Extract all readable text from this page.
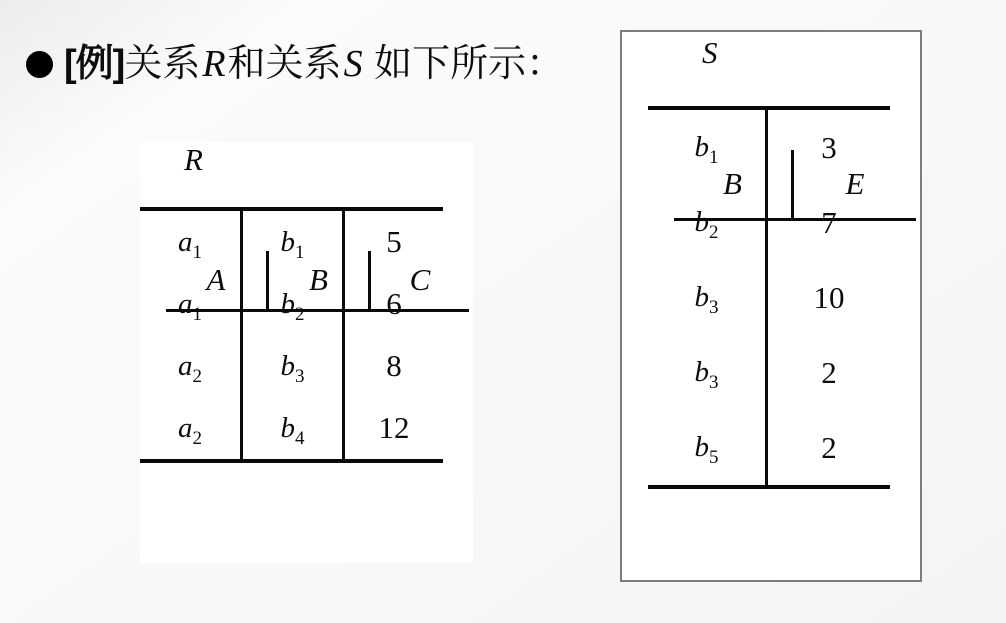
[例]关系R和关系S 如下所示：
R
A	B	C
$a_1$	$b_1$	5
$a_1$	$b_2$	6
$a_2$	$b_3$	8
$a_2$	$b_4$ 12
S
B	E
$b_1$	3
$b_2$	7
$b_3$	10
$b_3$	2
$b_5$	2
